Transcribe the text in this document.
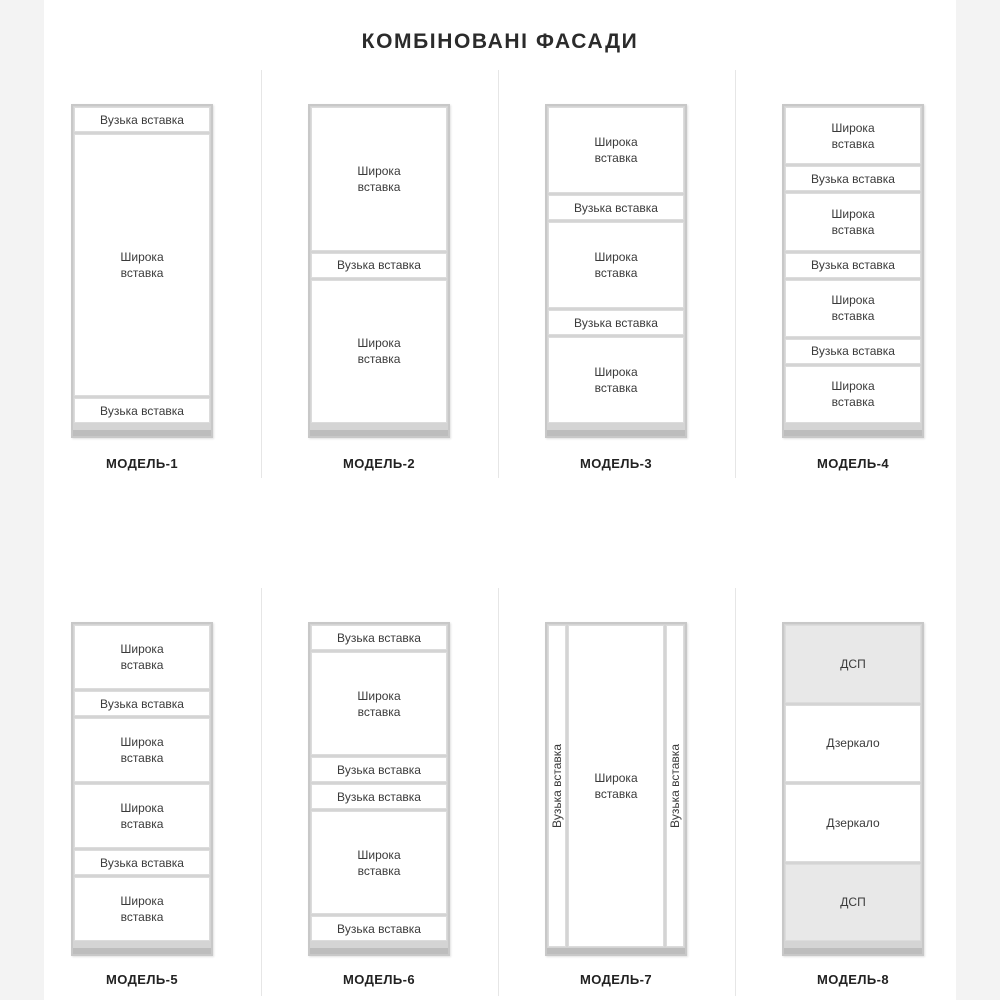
КОМБІНОВАНІ ФАСАДИ
Вузька вставка
Широка
вставка
Вузька вставка
МОДЕЛЬ-1
Широка
вставка
Вузька вставка
Широка
вставка
МОДЕЛЬ-2
Широка
вставка
Вузька вставка
Широка
вставка
Вузька вставка
Широка
вставка
МОДЕЛЬ-3
Широка
вставка
Вузька вставка
Широка
вставка
Вузька вставка
Широка
вставка
Вузька вставка
Широка
вставка
МОДЕЛЬ-4
Широка
вставка
Вузька вставка
Широка
вставка
Широка
вставка
Вузька вставка
Широка
вставка
МОДЕЛЬ-5
Вузька вставка
Широка
вставка
Вузька вставка
Вузька вставка
Широка
вставка
Вузька вставка
МОДЕЛЬ-6
Вузька вставка	Широка
вставка	Вузька вставка
МОДЕЛЬ-7
ДСП
Дзеркало
Дзеркало
ДСП
МОДЕЛЬ-8
